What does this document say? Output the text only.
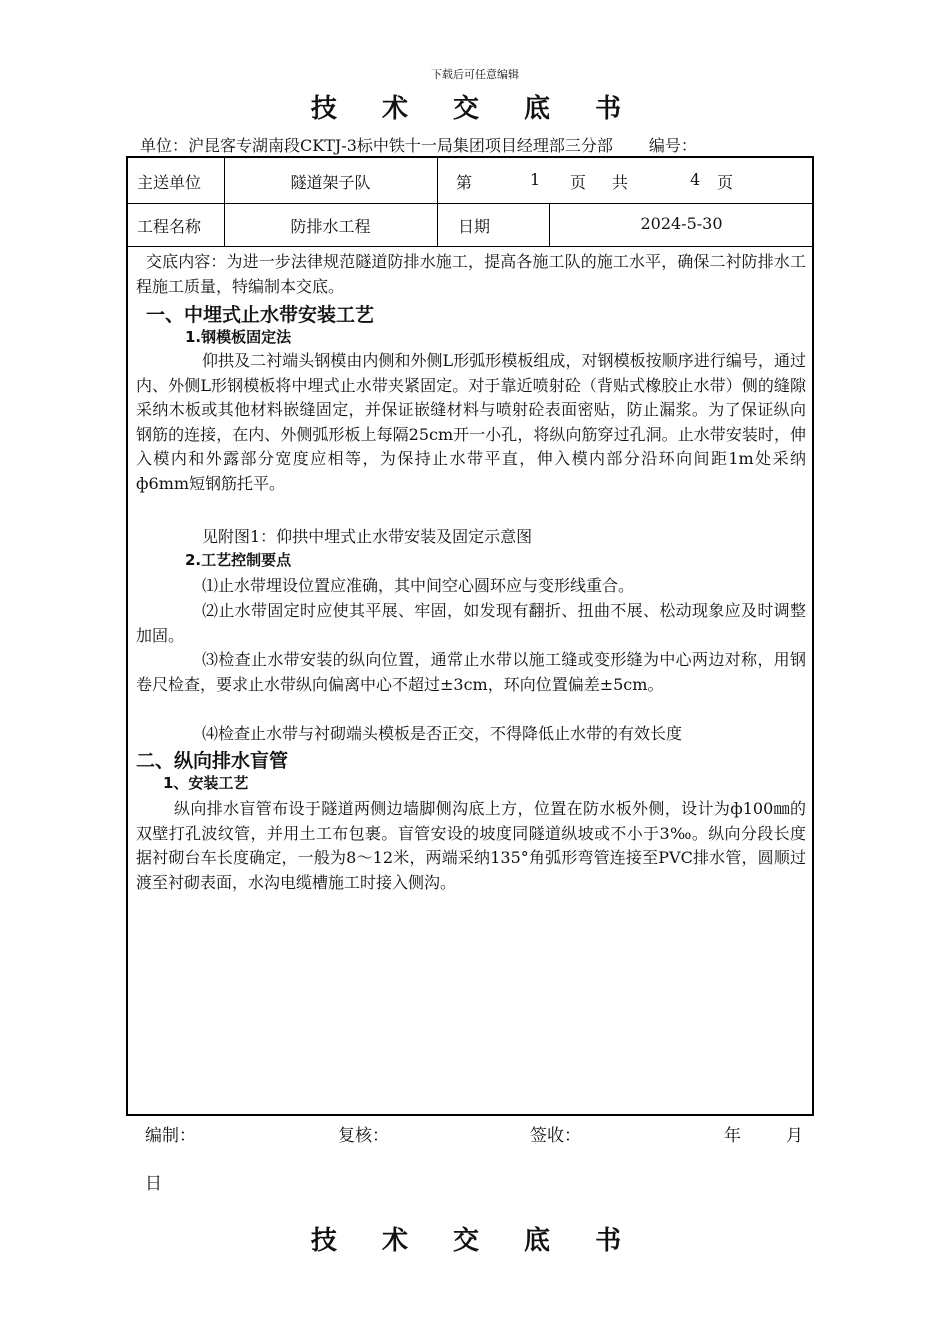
下载后可任意编辑
技 术 交 底 书
单位：沪昆客专湖南段CKTJ-3标中铁十一局集团项目经理部三分部 编号：
主送单位	隧道架子队	第	1 页 共	4 页
工程名称	防排水工程	日期	2024-5-30
交底内容：为进一步法律规范隧道防排水施工，提高各施工队的施工水平，确保二衬防排水工程施工质量，特编制本交底。
一、中埋式止水带安装工艺
1.钢模板固定法
仰拱及二衬端头钢模由内侧和外侧L形弧形模板组成，对钢模板按顺序进行编号，通过内、外侧L形钢模板将中埋式止水带夹紧固定。对于靠近喷射砼（背贴式橡胶止水带）侧的缝隙采纳木板或其他材料嵌缝固定，并保证嵌缝材料与喷射砼表面密贴，防止漏浆。为了保证纵向钢筋的连接，在内、外侧弧形板上每隔25cm开一小孔，将纵向筋穿过孔洞。止水带安装时，伸入模内和外露部分宽度应相等，为保持止水带平直，伸入模内部分沿环向间距1m处采纳ф6mm短钢筋托平。
见附图1：仰拱中埋式止水带安装及固定示意图
2.工艺控制要点
⑴止水带埋设位置应准确，其中间空心圆环应与变形线重合。
⑵止水带固定时应使其平展、牢固，如发现有翻折、扭曲不展、松动现象应及时调整加固。
⑶检查止水带安装的纵向位置，通常止水带以施工缝或变形缝为中心两边对称，用钢卷尺检查，要求止水带纵向偏离中心不超过±3cm，环向位置偏差±5cm。
⑷检查止水带与衬砌端头模板是否正交，不得降低止水带的有效长度
二、纵向排水盲管
1、安装工艺
纵向排水盲管布设于隧道两侧边墙脚侧沟底上方，位置在防水板外侧，设计为ф100㎜的双壁打孔波纹管，并用土工布包裹。盲管安设的坡度同隧道纵坡或不小于3‰。纵向分段长度据衬砌台车长度确定，一般为8～12米，两端采纳135°角弧形弯管连接至PVC排水管，圆顺过渡至衬砌表面，水沟电缆槽施工时接入侧沟。
编制：	复核：	签收：	年	月
日
技 术 交 底 书
